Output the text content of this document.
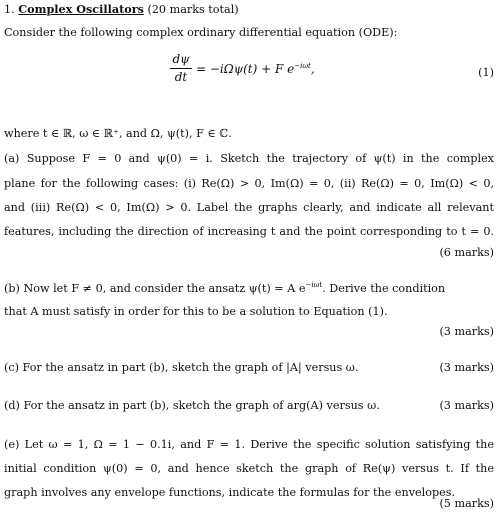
1. Complex Oscillators (20 marks total)
Consider the following complex ordinary differential equation (ODE):
dψ
dt
= −iΩψ(t) + F $e^{-i\omega t}$,	(1)
where t ∈ ℝ, ω ∈ ℝ⁺, and Ω, ψ(t), F ∈ ℂ.
(a) Suppose F = 0 and ψ(0) = i. Sketch the trajectory of ψ(t) in the complex
plane for the following cases: (i) Re(Ω) > 0, Im(Ω) = 0, (ii) Re(Ω) = 0, Im(Ω) < 0,
and (iii) Re(Ω) < 0, Im(Ω) > 0. Label the graphs clearly, and indicate all relevant
features, including the direction of increasing t and the point corresponding to t = 0.
(6 marks)
(b) Now let F ≠ 0, and consider the ansatz ψ(t) = A $e^{-i\omega t}$. Derive the condition
that A must satisfy in order for this to be a solution to Equation (1).
(3 marks)
(c) For the ansatz in part (b), sketch the graph of |A| versus ω.	(3 marks)
(d) For the ansatz in part (b), sketch the graph of arg(A) versus ω.	(3 marks)
(e) Let ω = 1, Ω = 1 − 0.1i, and F = 1. Derive the specific solution satisfying the
initial condition ψ(0) = 0, and hence sketch the graph of Re(ψ) versus t. If the
graph involves any envelope functions, indicate the formulas for the envelopes.
(5 marks)
